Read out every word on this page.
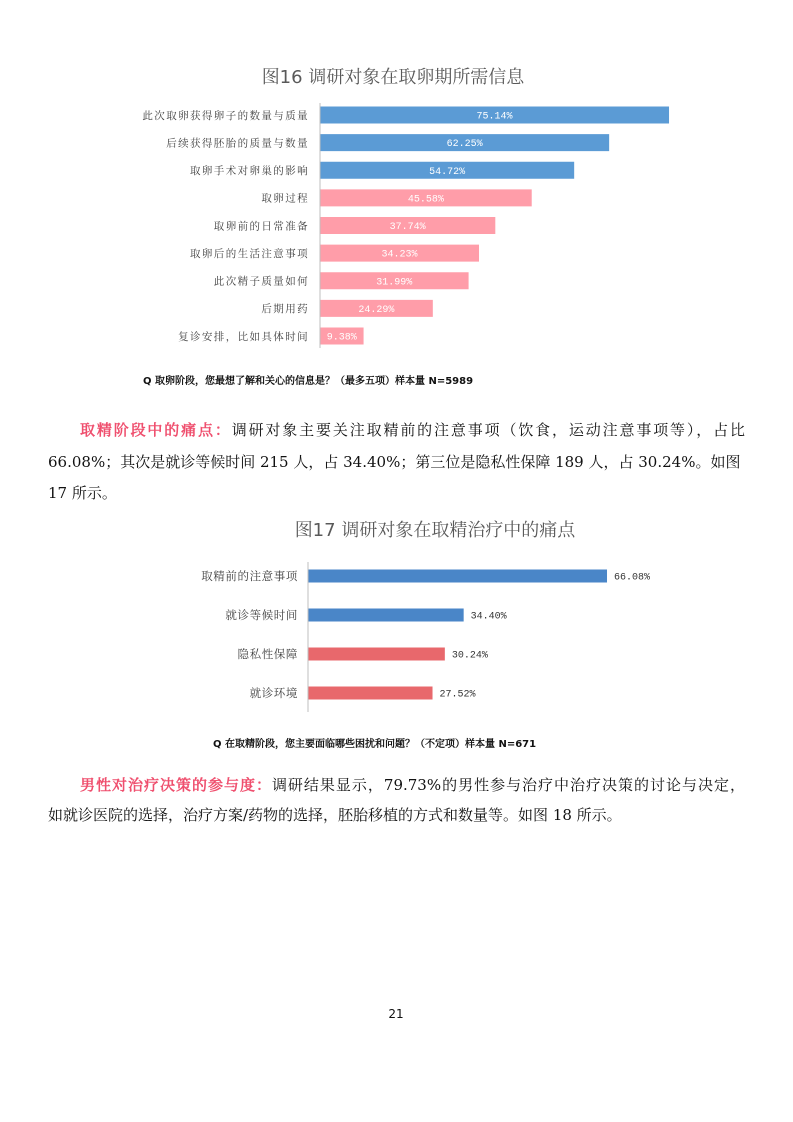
图16 调研对象在取卵期所需信息
此次取卵获得卵子的数量与质量	75.14%
后续获得胚胎的质量与数量	62.25%
取卵手术对卵巢的影响	54.72%
取卵过程	45.58%
取卵前的日常准备	37.74%
取卵后的生活注意事项	34.23%
此次精子质量如何	31.99%
后期用药	24.29%
复诊安排，比如具体时间 9.38%
Q 取卵阶段，您最想了解和关心的信息是？（最多五项）样本量 N=5989
取精阶段中的痛点：调研对象主要关注取精前的注意事项（饮食，运动注意事项等），占比
66.08%；其次是就诊等候时间 215 人，占 34.40%；第三位是隐私性保障 189 人，占 30.24%。如图
17 所示。
图17 调研对象在取精治疗中的痛点
取精前的注意事项	66.08%
就诊等候时间	34.40%
隐私性保障	30.24%
就诊环境	27.52%
Q 在取精阶段，您主要面临哪些困扰和问题？（不定项）样本量 N=671
男性对治疗决策的参与度：调研结果显示，79.73%的男性参与治疗中治疗决策的讨论与决定，
如就诊医院的选择，治疗方案/药物的选择，胚胎移植的方式和数量等。如图 18 所示。
21
